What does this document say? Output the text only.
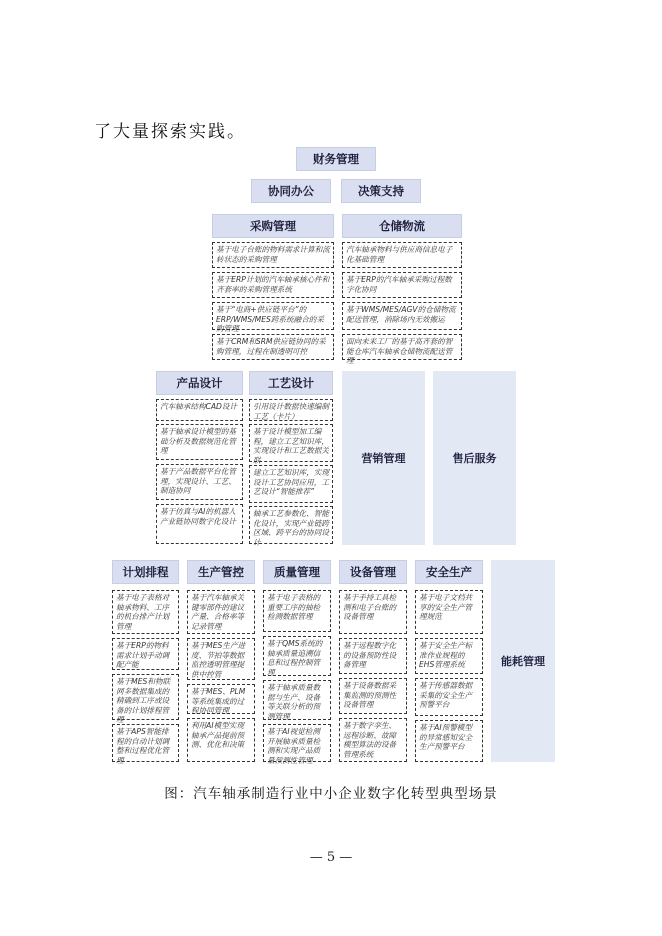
了大量探索实践。
财务管理
协同办公	决策支持
采购管理
基于电子台账的物料需求计算和流转状态的采购管理
基于ERP计划的汽车轴承核心件和齐套率的采购管理系统
基于“电商+供应链平台”的ERP/WMS/MES跨系统融合的采购管理
基于CRM和SRM供应链协同的采购管理，过程在制透明可控
仓储物流
汽车轴承物料与供应商信息电子化基础管理
基于ERP的汽车轴承采购过程数字化协同
基于WMS/MES/AGV的仓储物流配送管理，消除场内无效搬运
面向未来工厂的基于高齐套的智能仓库汽车轴承仓储物流配送管理
产品设计
汽车轴承结构CAD设计
基于轴承设计模型的基础分析及数据规范化管理
基于产品数据平台化管理，实现设计、工艺、制造协同
基于仿真与AI的机器人产业链协同数字化设计
工艺设计
引用设计数据快速编制工艺（卡片）
基于设计模型加工编程，建立工艺知识库，实现设计和工艺数据关联
建立工艺知识库，实现设计工艺协同应用，工艺设计“智能推荐”
轴承工艺参数化、智能化设计，实现产业链跨区域、跨平台的协同设计
营销管理	售后服务
计划排程
基于电子表格对轴承物料、工序的机台排产计划管理
基于ERP的物料需求计划手动调配产能
基于MES和物联网多数据集成的精确到工序或设备的计划排程管理
基于APS智能排程的自动计划调整和过程优化管理
生产管控
基于汽车轴承关键零部件的建议产量、合格率等记录管理
基于MES生产进度、节拍等数据监控透明管理提供中控管
基于MES、PLM等系统集成的过程协同管理
利用AI模型实现轴承产品提前预测、优化和决策
质量管理
基于电子表格的重要工序的抽检检测数据管理
基于QMS系统的轴承质量追溯信息和过程控制管理
基于轴承质量数据与生产、设备等关联分析的预测管理
基于AI视觉检测开展轴承质量检测和实现产品质量预测性管理
设备管理
基于手持工具检测和电子台账的设备管理
基于远程数字化的设备预防性设备管理
基于设备数据采集监测的预测性设备管理
基于数字孪生、远程诊断、故障模型算法的设备管理系统
安全生产
基于电子文档共享的安全生产管理规范
基于安全生产标准作业规程的EHS管理系统
基于传感器数据采集的安全生产预警平台
基于AI预警模型的异常感知安全生产预警平台
能耗管理
图：汽车轴承制造行业中小企业数字化转型典型场景
— 5 —
